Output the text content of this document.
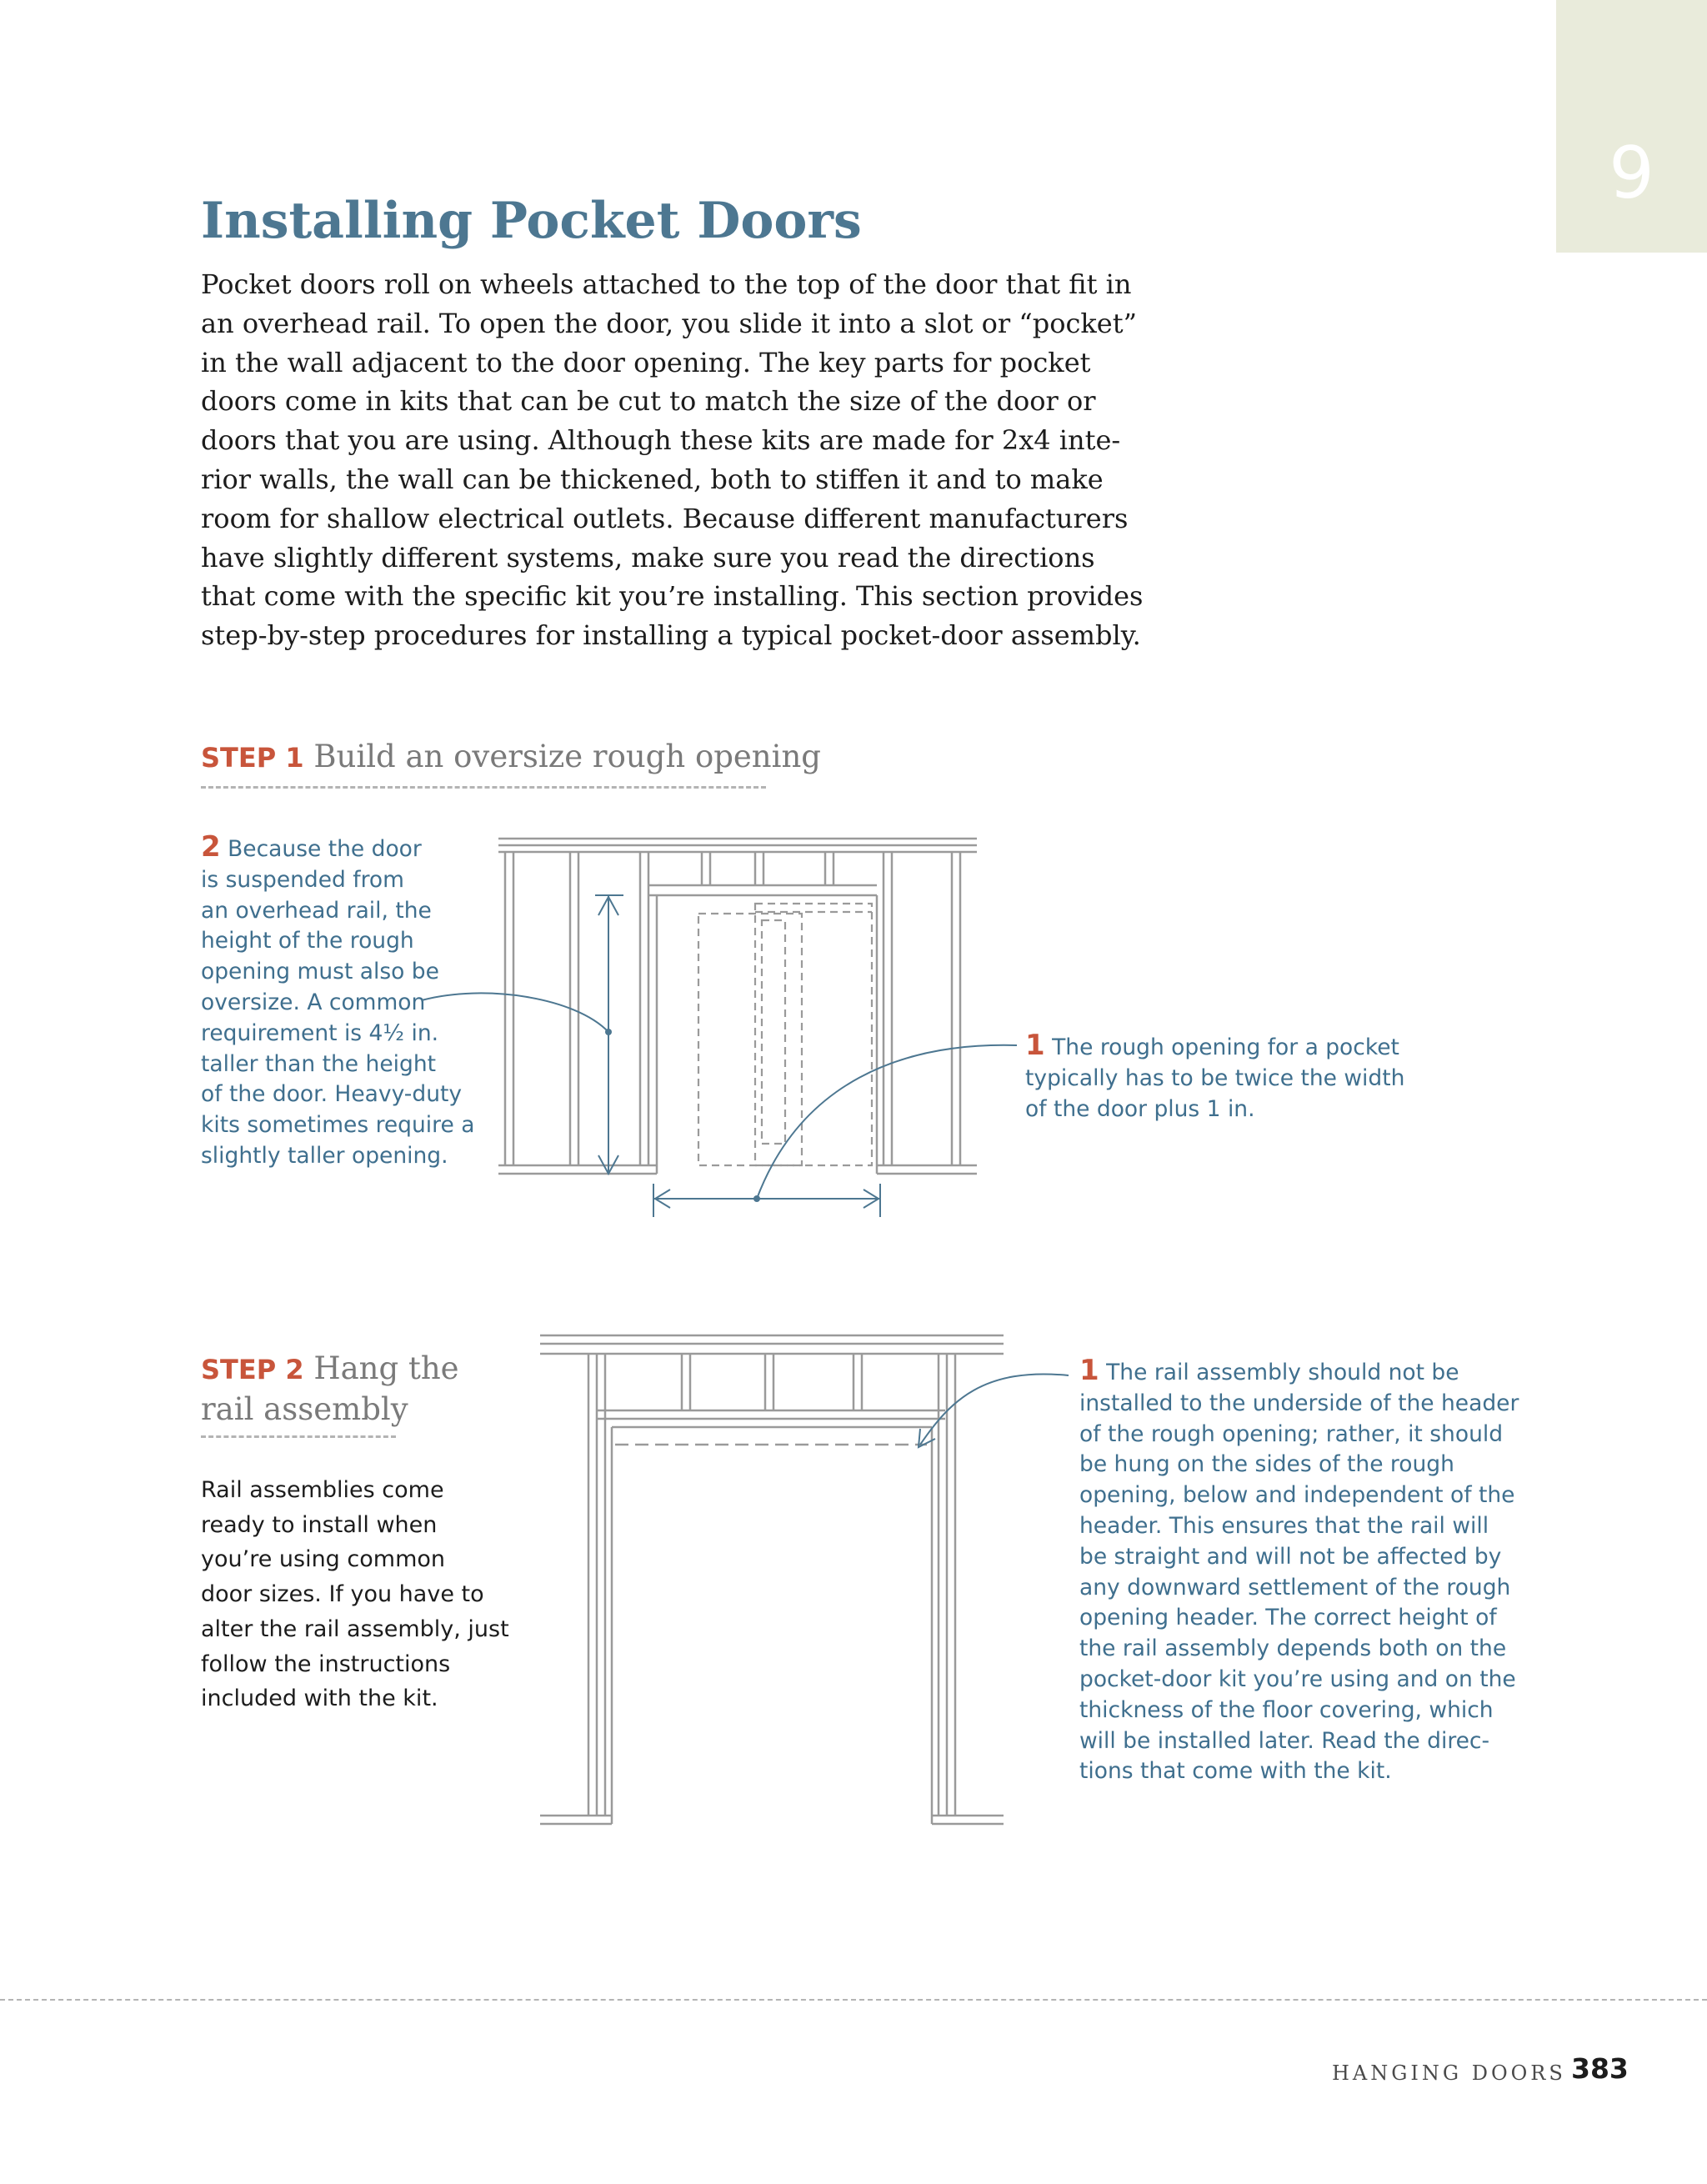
9
Installing Pocket Doors
Pocket doors roll on wheels attached to the top of the door that fit in
an overhead rail. To open the door, you slide it into a slot or “pocket”
in the wall adjacent to the door opening. The key parts for pocket
doors come in kits that can be cut to match the size of the door or
doors that you are using. Although these kits are made for 2x4 inte-
rior walls, the wall can be thickened, both to stiffen it and to make
room for shallow electrical outlets. Because different manufacturers
have slightly different systems, make sure you read the directions
that come with the specific kit you’re installing. This section provides
step-by-step procedures for installing a typical pocket-door assembly.
STEP 1 Build an oversize rough opening
2 Because the door
is suspended from
an overhead rail, the
height of the rough
opening must also be
oversize. A common
requirement is 4½ in.
taller than the height
of the door. Heavy-duty
kits sometimes require a
slightly taller opening.
1 The rough opening for a pocket
typically has to be twice the width
of the door plus 1 in.
STEP 2 Hang the
rail assembly
Rail assemblies come
ready to install when
you’re using common
door sizes. If you have to
alter the rail assembly, just
follow the instructions
included with the kit.
1 The rail assembly should not be
installed to the underside of the header
of the rough opening; rather, it should
be hung on the sides of the rough
opening, below and independent of the
header. This ensures that the rail will
be straight and will not be affected by
any downward settlement of the rough
opening header. The correct height of
the rail assembly depends both on the
pocket-door kit you’re using and on the
thickness of the floor covering, which
will be installed later. Read the direc-
tions that come with the kit.
HANGING DOORS 383
